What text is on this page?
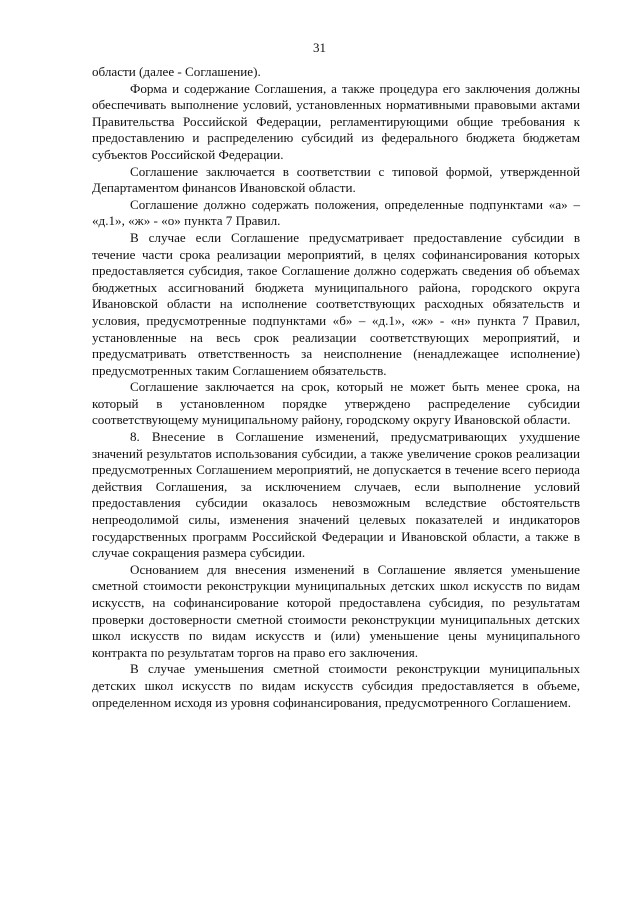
31

области (далее - Соглашение).

Форма и содержание Соглашения, а также процедура его заключения должны обеспечивать выполнение условий, установленных нормативными правовыми актами Правительства Российской Федерации, регламентирующими общие требования к предоставлению и распределению субсидий из федерального бюджета бюджетам субъектов Российской Федерации.

Соглашение заключается в соответствии с типовой формой, утвержденной Департаментом финансов Ивановской области.

Соглашение должно содержать положения, определенные подпунктами «а» – «д.1», «ж» - «о» пункта 7 Правил.

В случае если Соглашение предусматривает предоставление субсидии в течение части срока реализации мероприятий, в целях софинансирования которых предоставляется субсидия, такое Соглашение должно содержать сведения об объемах бюджетных ассигнований бюджета муниципального района, городского округа Ивановской области на исполнение соответствующих расходных обязательств и условия, предусмотренные подпунктами «б» – «д.1», «ж» - «н» пункта 7 Правил, установленные на весь срок реализации соответствующих мероприятий, и предусматривать ответственность за неисполнение (ненадлежащее исполнение) предусмотренных таким Соглашением обязательств.

Соглашение заключается на срок, который не может быть менее срока, на который в установленном порядке утверждено распределение субсидии соответствующему муниципальному району, городскому округу Ивановской области.

8. Внесение в Соглашение изменений, предусматривающих ухудшение значений результатов использования субсидии, а также увеличение сроков реализации предусмотренных Соглашением мероприятий, не допускается в течение всего периода действия Соглашения, за исключением случаев, если выполнение условий предоставления субсидии оказалось невозможным вследствие обстоятельств непреодолимой силы, изменения значений целевых показателей и индикаторов государственных программ Российской Федерации и Ивановской области, а также в случае сокращения размера субсидии.

Основанием для внесения изменений в Соглашение является уменьшение сметной стоимости реконструкции муниципальных детских школ искусств по видам искусств, на софинансирование которой предоставлена субсидия, по результатам проверки достоверности сметной стоимости реконструкции муниципальных детских школ искусств по видам искусств и (или) уменьшение цены муниципального контракта по результатам торгов на право его заключения.

В случае уменьшения сметной стоимости реконструкции муниципальных детских школ искусств по видам искусств субсидия предоставляется в объеме, определенном исходя из уровня софинансирования, предусмотренного Соглашением.
